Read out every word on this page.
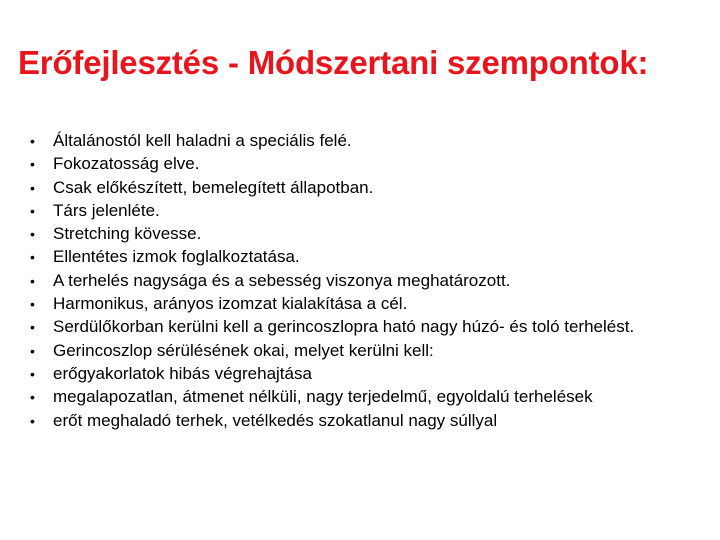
Erőfejlesztés - Módszertani szempontok:
• Általánostól kell haladni a speciális felé.
• Fokozatosság elve.
• Csak előkészített, bemelegített állapotban.
• Társ jelenléte.
• Stretching kövesse.
• Ellentétes izmok foglalkoztatása.
• A terhelés nagysága és a sebesség viszonya meghatározott.
• Harmonikus, arányos izomzat kialakítása a cél.
• Serdülőkorban kerülni kell a gerincoszlopra ható nagy húzó- és toló terhelést.
• Gerincoszlop sérülésének okai, melyet kerülni kell:
• erőgyakorlatok hibás végrehajtása
• megalapozatlan, átmenet nélküli, nagy terjedelmű, egyoldalú terhelések
• erőt meghaladó terhek, vetélkedés szokatlanul nagy súllyal
